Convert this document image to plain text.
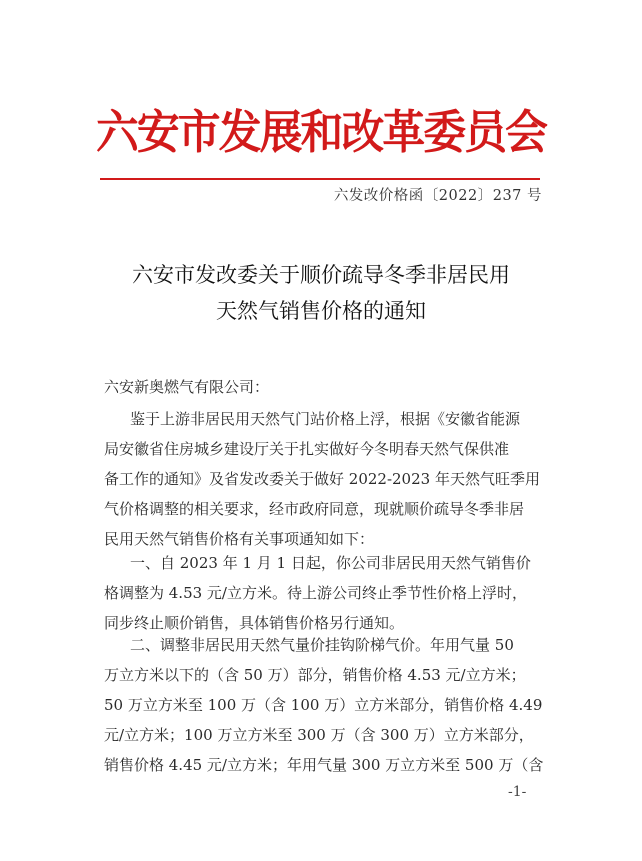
六安市发展和改革委员会
六发改价格函〔2022〕237 号
六安市发改委关于顺价疏导冬季非居民用
天然气销售价格的通知
六安新奥燃气有限公司：
鉴于上游非居民用天然气门站价格上浮，根据《安徽省能源
局安徽省住房城乡建设厅关于扎实做好今冬明春天然气保供准
备工作的通知》及省发改委关于做好 2022-2023 年天然气旺季用
气价格调整的相关要求，经市政府同意，现就顺价疏导冬季非居
民用天然气销售价格有关事项通知如下：
一、自 2023 年 1 月 1 日起，你公司非居民用天然气销售价
格调整为 4.53 元/立方米。待上游公司终止季节性价格上浮时，
同步终止顺价销售，具体销售价格另行通知。
二、调整非居民用天然气量价挂钩阶梯气价。年用气量 50
万立方米以下的（含 50 万）部分，销售价格 4.53 元/立方米；
50 万立方米至 100 万（含 100 万）立方米部分，销售价格 4.49
元/立方米；100 万立方米至 300 万（含 300 万）立方米部分，
销售价格 4.45 元/立方米；年用气量 300 万立方米至 500 万（含
-1-
